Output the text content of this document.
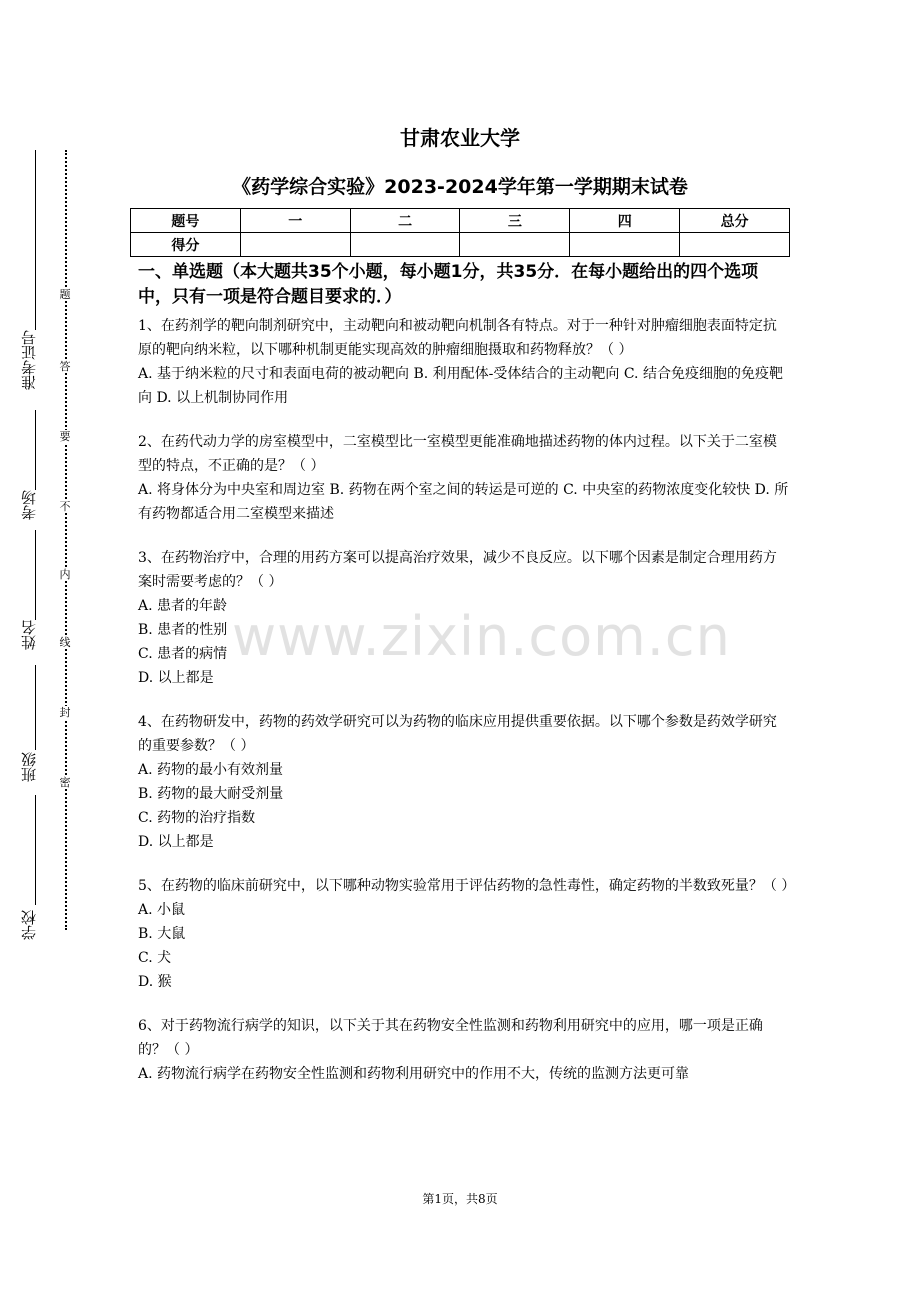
准考证号
考场
姓名
班级
学校
题
答
要
不
内
线
封
密
甘肃农业大学
《药学综合实验》2023-2024学年第一学期期末试卷
题号	一	二	三	四	总分
得分					
www.zixin.com.cn

一、单选题（本大题共35个小题，每小题1分，共35分．在每小题给出的四个选项中，只有一项是符合题目要求的．）

1、在药剂学的靶向制剂研究中，主动靶向和被动靶向机制各有特点。对于一种针对肿瘤细胞表面特定抗原的靶向纳米粒，以下哪种机制更能实现高效的肿瘤细胞摄取和药物释放？（ ）

A. 基于纳米粒的尺寸和表面电荷的被动靶向 B. 利用配体-受体结合的主动靶向 C. 结合免疫细胞的免疫靶向 D. 以上机制协同作用

2、在药代动力学的房室模型中，二室模型比一室模型更能准确地描述药物的体内过程。以下关于二室模型的特点，不正确的是？（ ）

A. 将身体分为中央室和周边室 B. 药物在两个室之间的转运是可逆的 C. 中央室的药物浓度变化较快 D. 所有药物都适合用二室模型来描述

3、在药物治疗中，合理的用药方案可以提高治疗效果，减少不良反应。以下哪个因素是制定合理用药方案时需要考虑的？（ ）

A. 患者的年龄

B. 患者的性别

C. 患者的病情

D. 以上都是

4、在药物研发中，药物的药效学研究可以为药物的临床应用提供重要依据。以下哪个参数是药效学研究的重要参数？（ ）

A. 药物的最小有效剂量

B. 药物的最大耐受剂量

C. 药物的治疗指数

D. 以上都是

5、在药物的临床前研究中，以下哪种动物实验常用于评估药物的急性毒性，确定药物的半数致死量？（ ）

A. 小鼠

B. 大鼠

C. 犬

D. 猴

6、对于药物流行病学的知识，以下关于其在药物安全性监测和药物利用研究中的应用，哪一项是正确的？（ ）

A. 药物流行病学在药物安全性监测和药物利用研究中的作用不大，传统的监测方法更可靠

第1页，共8页
